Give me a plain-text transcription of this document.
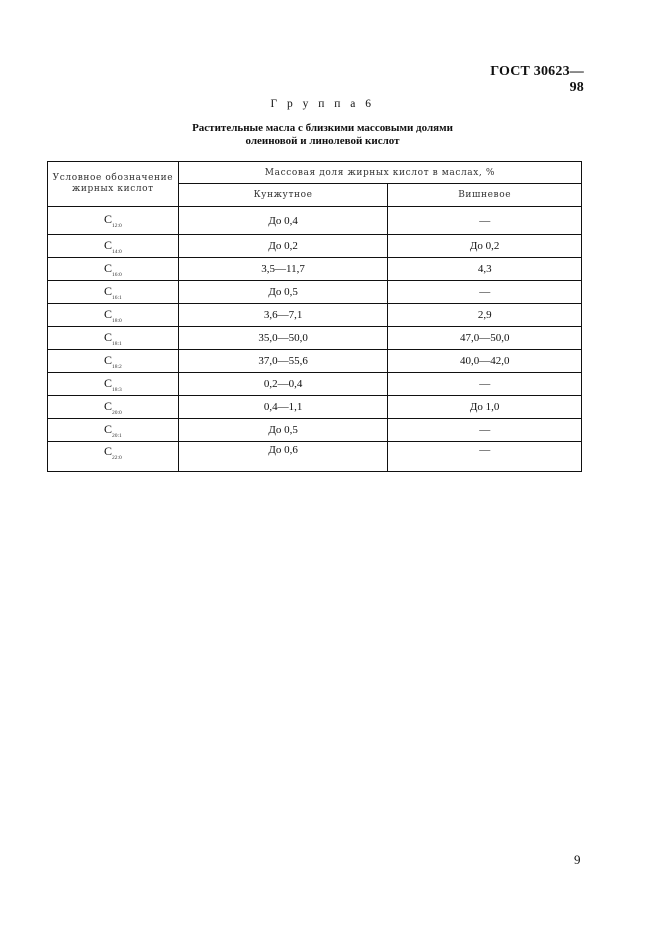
ГОСТ 30623—98
Г р у п п а 6
Растительные масла с близкими массовыми долями
олеиновой и линолевой кислот
Условное обозначение жирных кислот	Массовая доля жирных кислот в маслах, %	
	Кунжутное	Вишневое
$C_{12:0}$	До 0,4	—
$C_{14:0}$	До 0,2	До 0,2
$C_{16:0}$	3,5—11,7	4,3
$C_{16:1}$	До 0,5	—
$C_{18:0}$	3,6—7,1	2,9
$C_{18:1}$	35,0—50,0	47,0—50,0
$C_{18:2}$	37,0—55,6	40,0—42,0
$C_{18:3}$	0,2—0,4	—
$C_{20:0}$	0,4—1,1	До 1,0
$C_{20:1}$	До 0,5	—
$C_{22:0}$	До 0,6	—
9
